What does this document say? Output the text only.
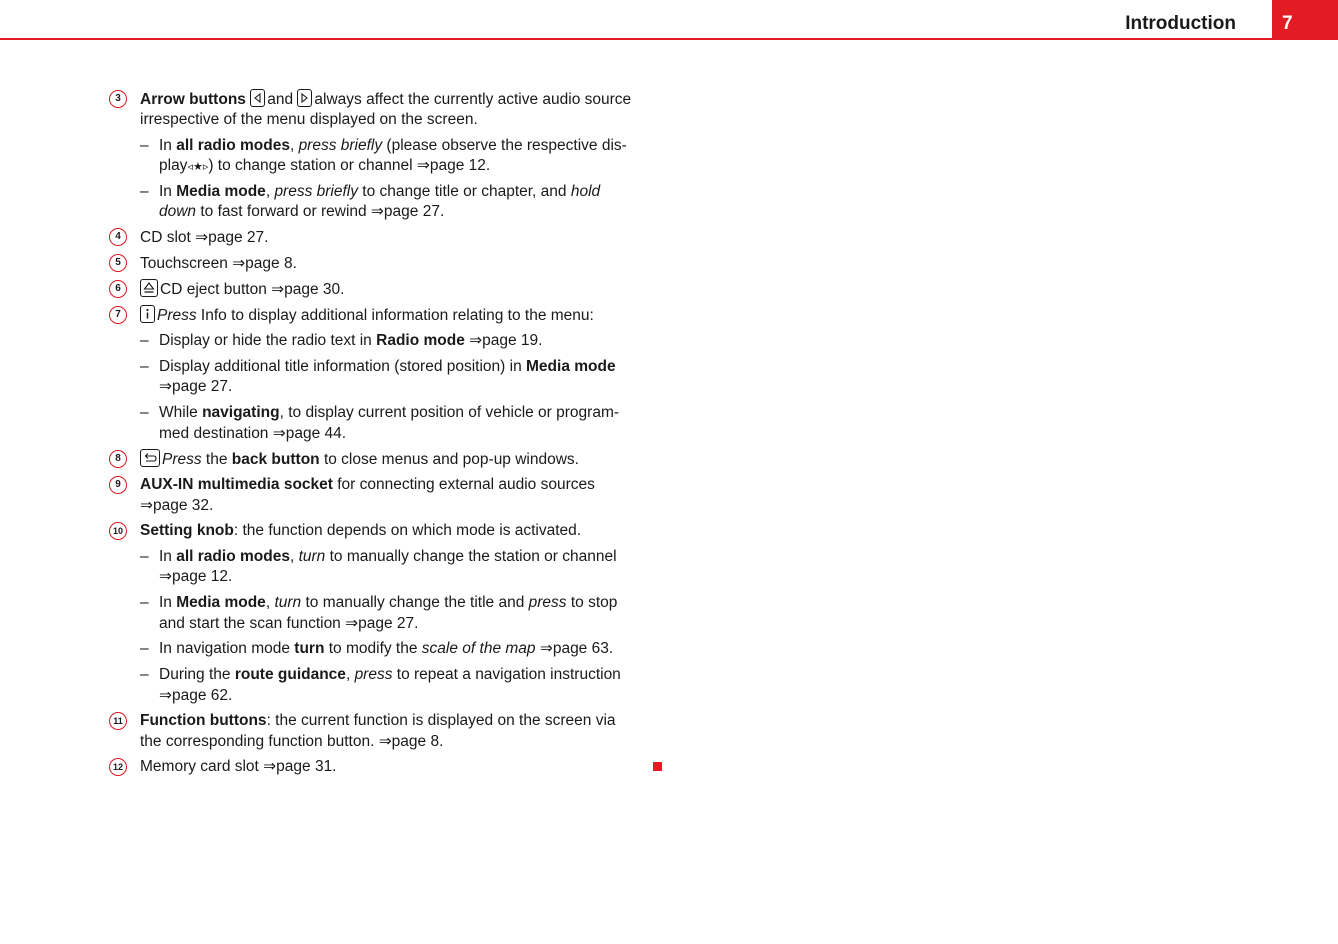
Introduction 7
3	Arrow buttons and always affect the currently active audio source
irrespective of the menu displayed on the screen.
– In all radio modes, press briefly (please observe the respective dis-
play◃★▹) to change station or channel ⇒page 12.
– In Media mode, press briefly to change title or chapter, and hold
down to fast forward or rewind ⇒page 27.
4	CD slot ⇒page 27.
5	Touchscreen ⇒page 8.
6	CD eject button ⇒page 30.
7	Press Info to display additional information relating to the menu:
– Display or hide the radio text in Radio mode ⇒page 19.
– Display additional title information (stored position) in Media mode
⇒page 27.
– While navigating, to display current position of vehicle or program-
med destination ⇒page 44.
8	Press the back button to close menus and pop-up windows.
9	AUX-IN multimedia socket for connecting external audio sources
⇒page 32.
10 Setting knob: the function depends on which mode is activated.
– In all radio modes, turn to manually change the station or channel
⇒page 12.
– In Media mode, turn to manually change the title and press to stop
and start the scan function ⇒page 27.
– In navigation mode turn to modify the scale of the map ⇒page 63.
– During the route guidance, press to repeat a navigation instruction
⇒page 62.
11 Function buttons: the current function is displayed on the screen via
the corresponding function button. ⇒page 8.
12 Memory card slot ⇒page 31.
